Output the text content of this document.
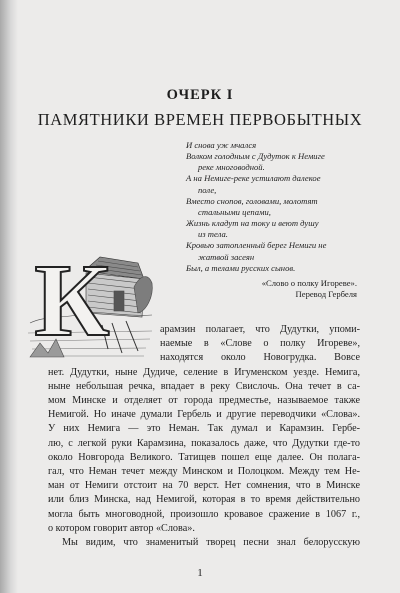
ОЧЕРК I
ПАМЯТНИКИ ВРЕМЕН ПЕРВОБЫТНЫХ
И снова уж мчался
Волком голодным с Дудуток к Немиге
реке многоводной.
А на Немиге-реке устилают далекое
поле,
Вместо снопов, головами, молотят
стальными цепами,
Жизнь кладут на току и веют душу
из тела.
Кровью затопленный берег Немиги не
жатвой засеян
Был, а телами русских сынов.
«Слово о полку Игореве».
Перевод Гербеля
К	арамзин полагает, что Дудутки, упоми-
наемые в «Слове о полку Игореве»,
находятся около Новогрудка. Вовсе
нет. Дудутки, ныне Дудиче, селение в Игуменском уезде. Немига,
ныне небольшая речка, впадает в реку Свислочь. Она течет в са-
мом Минске и отделяет от города предместье, называемое также
Немигой. Но иначе думали Гербель и другие переводчики «Слова».
У них Немига — это Неман. Так думал и Карамзин. Гербе-
лю, с легкой руки Карамзина, показалось даже, что Дудутки где-то
около Новгорода Великого. Татищев пошел еще далее. Он полага-
гал, что Неман течет между Минском и Полоцком. Между тем Не-
ман от Немиги отстоит на 70 верст. Нет сомнения, что в Минске
или близ Минска, над Немигой, которая в то время действительно
могла быть многоводной, произошло кровавое сражение в 1067 г.,
о котором говорит автор «Слова».
Мы видим, что знаменитый творец песни знал белорусскую
1
